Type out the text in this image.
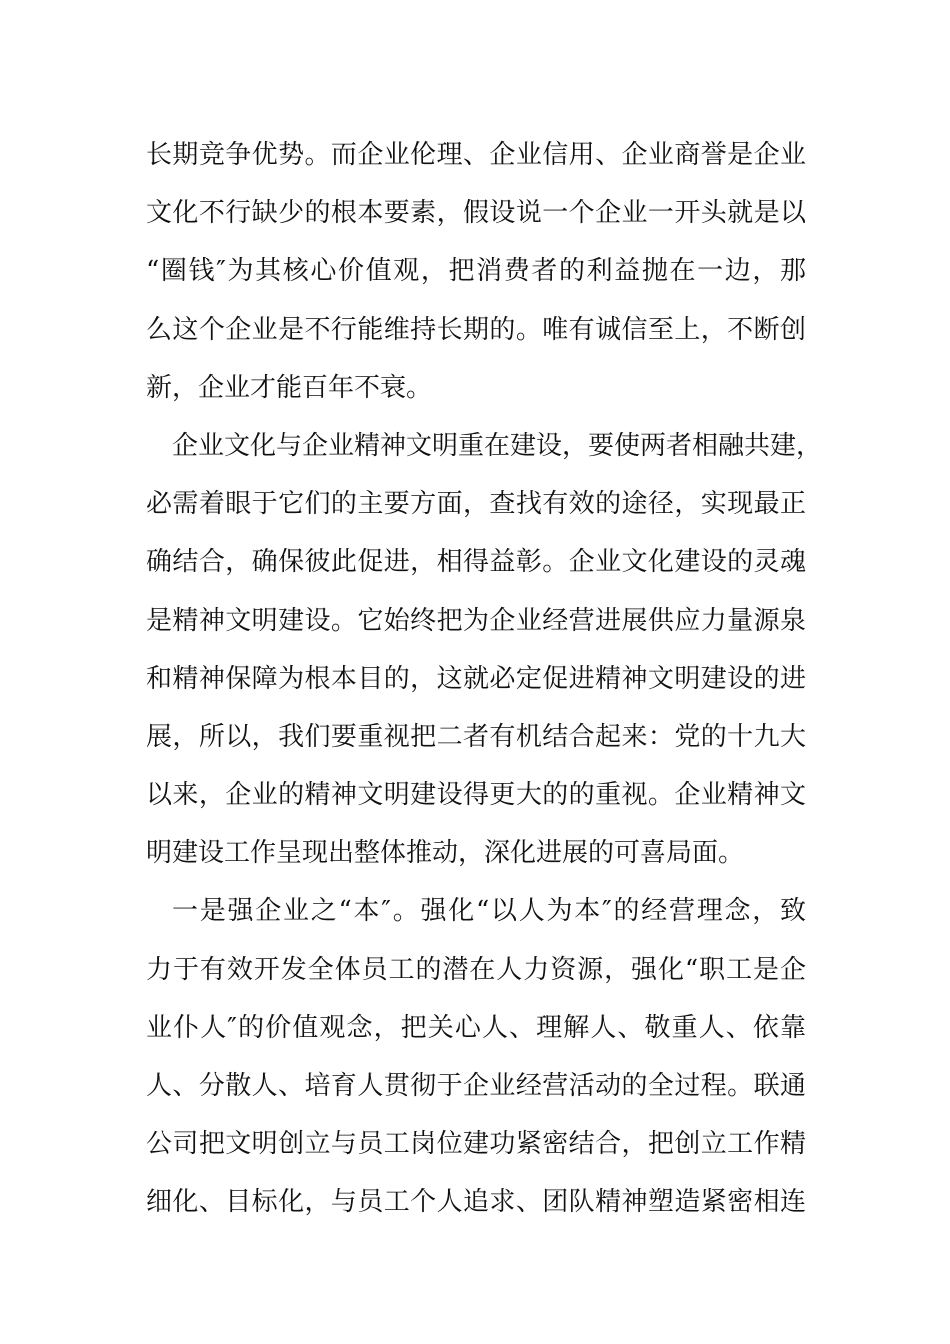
长期竞争优势。而企业伦理、企业信用、企业商誉是企业
文化不行缺少的根本要素，假设说一个企业一开头就是以
“圈钱″为其核心价值观，把消费者的利益抛在一边，那
么这个企业是不行能维持长期的。唯有诚信至上，不断创
新，企业才能百年不衰。
企业文化与企业精神文明重在建设，要使两者相融共建，
必需着眼于它们的主要方面，查找有效的途径，实现最正
确结合，确保彼此促进，相得益彰。企业文化建设的灵魂
是精神文明建设。它始终把为企业经营进展供应力量源泉
和精神保障为根本目的，这就必定促进精神文明建设的进
展，所以，我们要重视把二者有机结合起来：党的十九大
以来，企业的精神文明建设得更大的的重视。企业精神文
明建设工作呈现出整体推动，深化进展的可喜局面。
一是强企业之“本″。强化“以人为本″的经营理念，致
力于有效开发全体员工的潜在人力资源，强化“职工是企
业仆人″的价值观念，把关心人、理解人、敬重人、依靠
人、分散人、培育人贯彻于企业经营活动的全过程。联通
公司把文明创立与员工岗位建功紧密结合，把创立工作精
细化、目标化，与员工个人追求、团队精神塑造紧密相连
